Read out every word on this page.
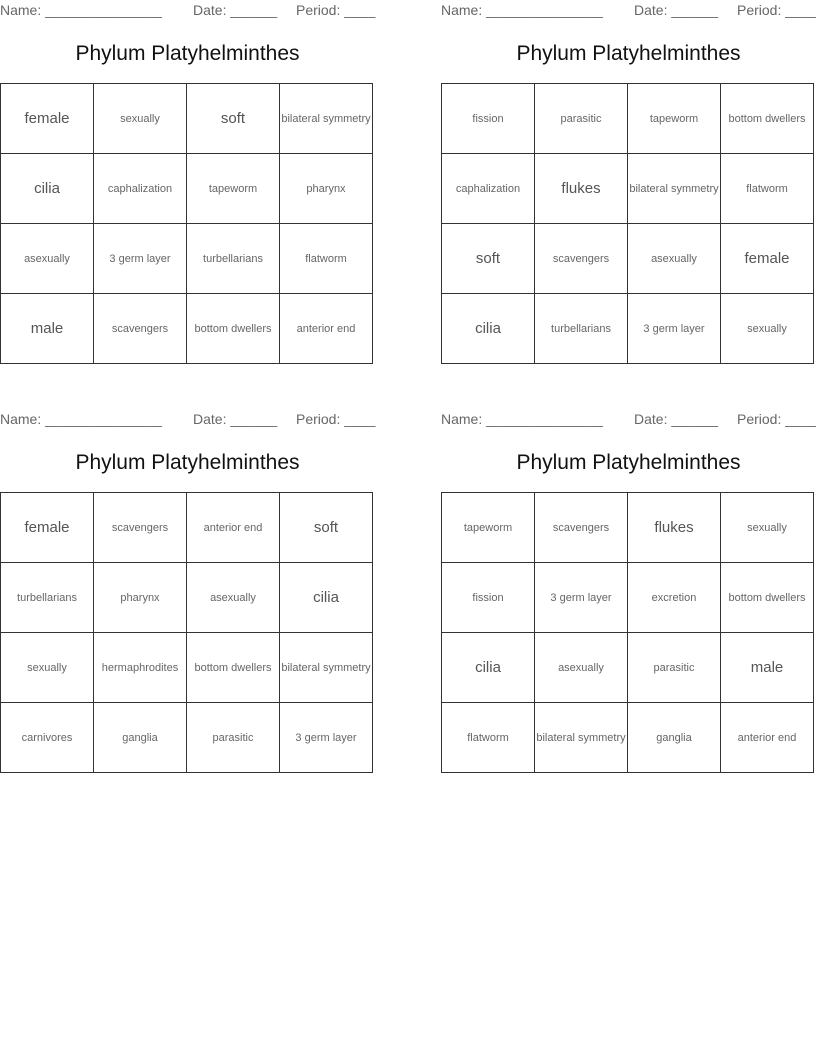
Name: _______________ Date: ______ Period: ____
Phylum Platyhelminthes
female	sexually	soft	bilateral symmetry
cilia	caphalization	tapeworm	pharynx
asexually	3 germ layer	turbellarians	flatworm
male	scavengers	bottom dwellers	anterior end
Name: _______________ Date: ______ Period: ____
Phylum Platyhelminthes
fission	parasitic	tapeworm	bottom dwellers
caphalization	flukes	bilateral symmetry	flatworm
soft	scavengers	asexually	female
cilia	turbellarians	3 germ layer	sexually
Name: _______________ Date: ______ Period: ____
Phylum Platyhelminthes
female	scavengers	anterior end	soft
turbellarians	pharynx	asexually	cilia
sexually	hermaphrodites	bottom dwellers	bilateral symmetry
carnivores	ganglia	parasitic	3 germ layer
Name: _______________ Date: ______ Period: ____
Phylum Platyhelminthes
tapeworm	scavengers	flukes	sexually
fission	3 germ layer	excretion	bottom dwellers
cilia	asexually	parasitic	male
flatworm	bilateral symmetry	ganglia	anterior end
